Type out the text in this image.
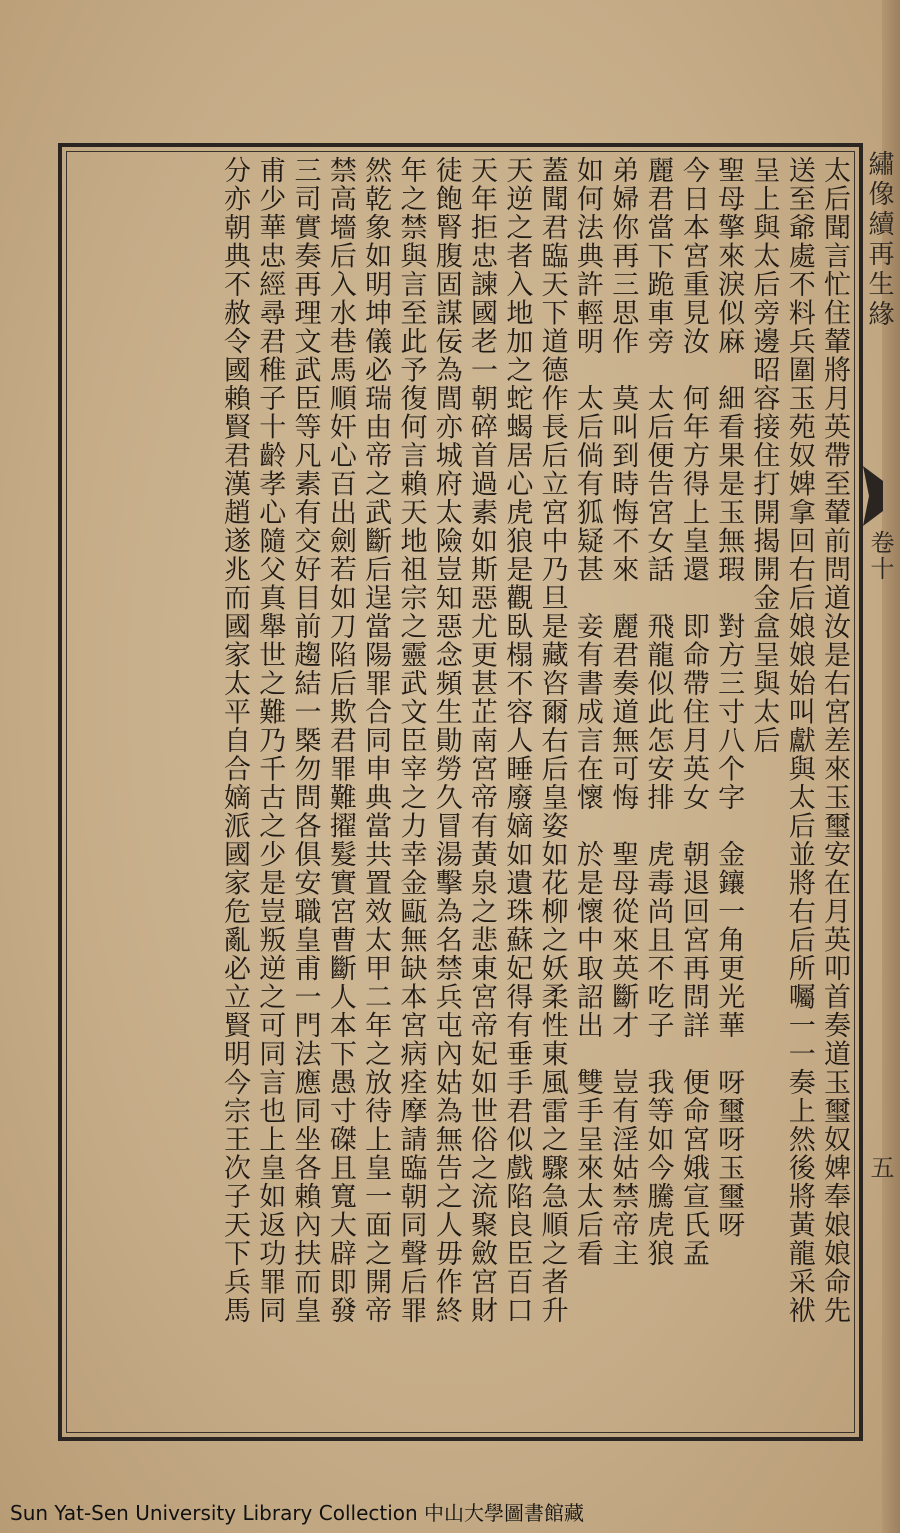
繡像續再生緣
卷十
五
太后聞言忙住輦將月英帶至輦前問道汝是右宮差來玉璽安在月英叩首奏道玉璽奴婢奉娘娘命先
送至爺處不料兵圍玉苑奴婢拿回右后娘娘始叫獻與太后並將右后所囑一一奏上然後將黃龍采袱
呈上與太后旁邊昭容接住打開揭開金盒呈與太后
聖母擎來淚似麻　細看果是玉無瑕　對方三寸八个字　金鑲一角更光華　呀璽呀玉璽呀
今日本宮重見汝　何年方得上皇還　即命帶住月英女　朝退回宮再問詳　便命宮娥宣氏孟
麗君當下跪車旁　太后便告宮女話　飛龍似此怎安排　虎毒尚且不吃子　我等如今騰虎狼
弟婦你再三思作　莫叫到時悔不來　麗君奏道無可悔　聖母從來英斷才　豈有淫姑禁帝主
如何法典許輕明　太后倘有狐疑甚　妾有書成言在懷　於是懷中取詔出　雙手呈來太后看
蓋聞君臨天下道德作長后立宮中乃旦是藏咨爾右后皇姿如花柳之妖柔性東風雷之驟急順之者升
天逆之者入地加之蛇蝎居心虎狼是觀臥榻不容人睡廢嫡如遺珠蘇妃得有垂手君似戲陷良臣百口
天年拒忠諫國老一朝碎首過素如斯惡尤更甚芷南宮帝有黃泉之悲東宮帝妃如世俗之流聚斂宮財
徒飽腎腹固謀佞為閭亦城府太險豈知惡念頻生勛勞久冒湯擊為名禁兵屯內姑為無告之人毋作終
年之禁與言至此予復何言賴天地祖宗之靈武文臣宰之力幸金甌無缺本宮病痊摩請臨朝同聲后罪
然乾象如明坤儀必瑞由帝之武斷后逞當陽罪合同申典當共置效太甲二年之放待上皇一面之開帝
禁高墻后入水巷馬順奸心百出劍若如刀陷后欺君罪難擢髮實宮曹斷人本下愚寸磔且寬大辟即發
三司實奏再理文武臣等凡素有交好目前趨結一槩勿問各俱安職皇甫一門法應同坐各賴內扶而皇
甫少華忠經尋君稚子十齡孝心隨父真舉世之難乃千古之少是豈叛逆之可同言也上皇如返功罪同
分亦朝典不赦令國賴賢君漢趙遂兆而國家太平自合嫡派國家危亂必立賢明今宗王次子天下兵馬
Sun Yat-Sen University Library Collection 中山大學圖書館藏
